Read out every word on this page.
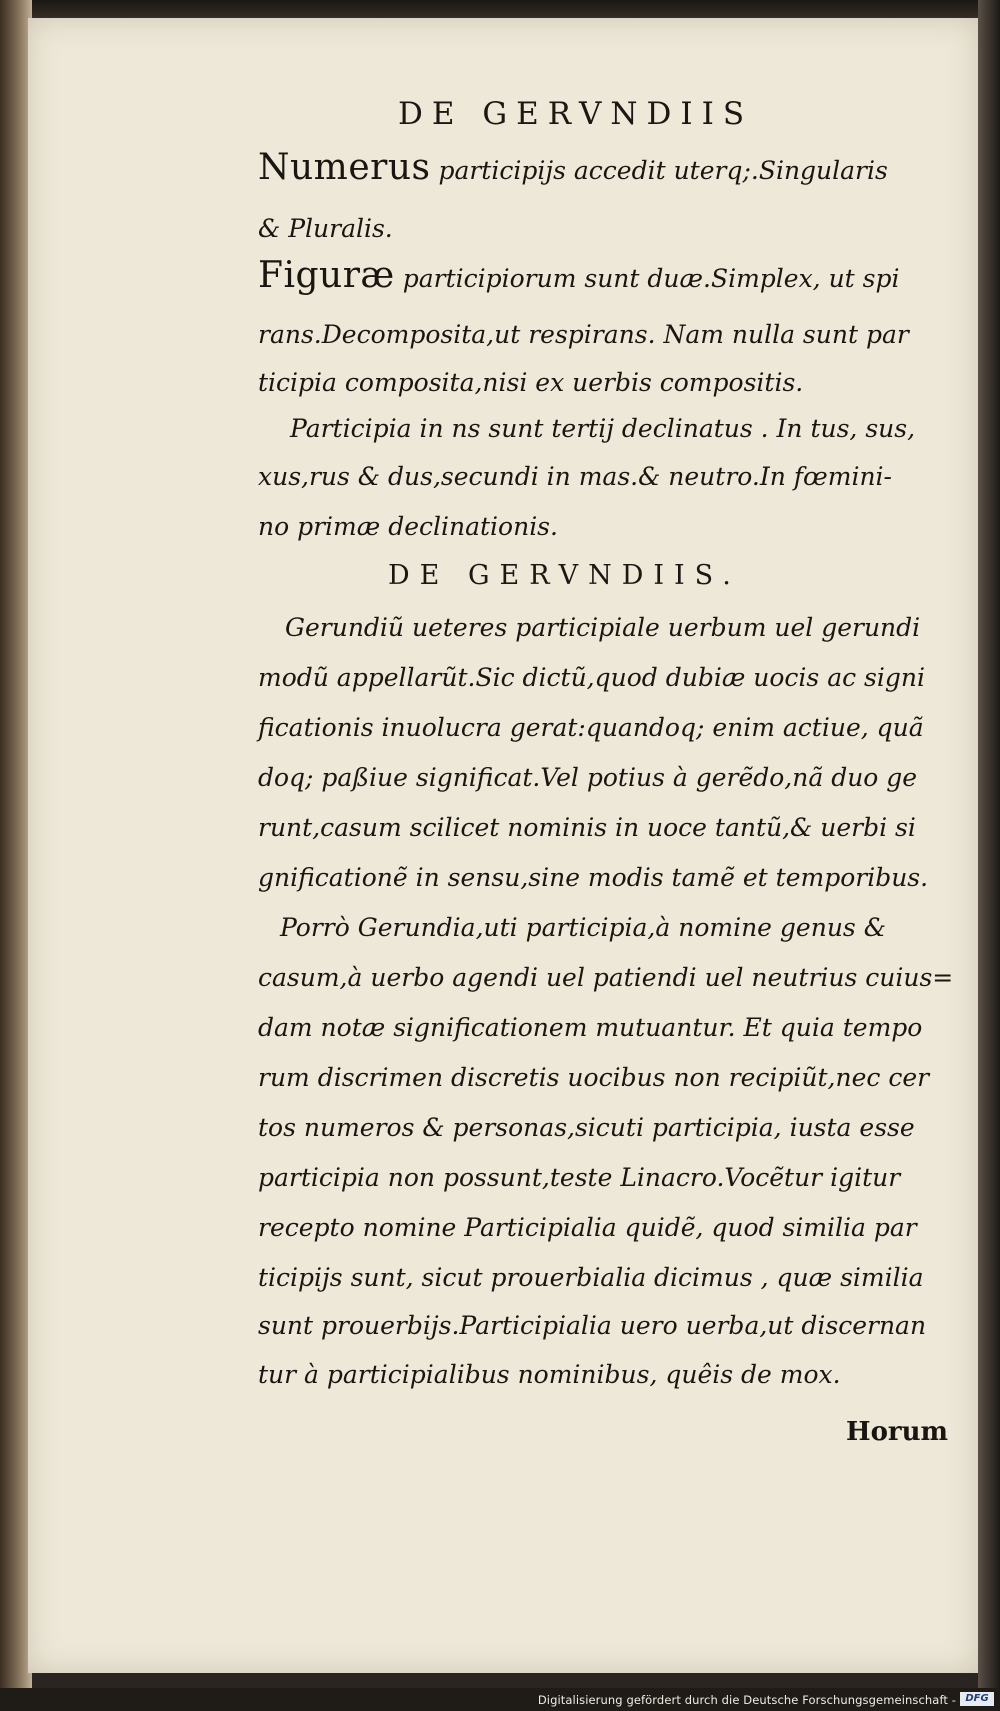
DE GERVNDIIS
Numerus participijs accedit uterq;.Singularis
& Pluralis.
Figuræ participiorum sunt duæ.Simplex, ut spi
rans.Decomposita,ut respirans. Nam nulla sunt par
ticipia composita,nisi ex uerbis compositis.
Participia in ns sunt tertij declinatus . In tus, sus,
xus,rus & dus,secundi in mas.& neutro.In fœmini-
no primæ declinationis.
DE GERVNDIIS.
Gerundiũ ueteres participiale uerbum uel gerundi
modũ appellarũt.Sic dictũ,quod dubiæ uocis ac signi
ficationis inuolucra gerat:quandoq; enim actiue, quã
doq; paßiue significat.Vel potius à gerẽdo,nã duo ge
runt,casum scilicet nominis in uoce tantũ,& uerbi si
gnificationẽ in sensu,sine modis tamẽ et temporibus.
Porrò Gerundia,uti participia,à nomine genus &
casum,à uerbo agendi uel patiendi uel neutrius cuius=
dam notæ significationem mutuantur. Et quia tempo
rum discrimen discretis uocibus non recipiũt,nec cer
tos numeros & personas,sicuti participia, iusta esse
participia non possunt,teste Linacro.Vocẽtur igitur
recepto nomine Participialia quidẽ, quod similia par
ticipijs sunt, sicut prouerbialia dicimus , quæ similia
sunt prouerbijs.Participialia uero uerba,ut discernan
tur à participialibus nominibus, quêis de mox.
Horum
Digitalisierung gefördert durch die Deutsche Forschungsgemeinschaft - DFG
